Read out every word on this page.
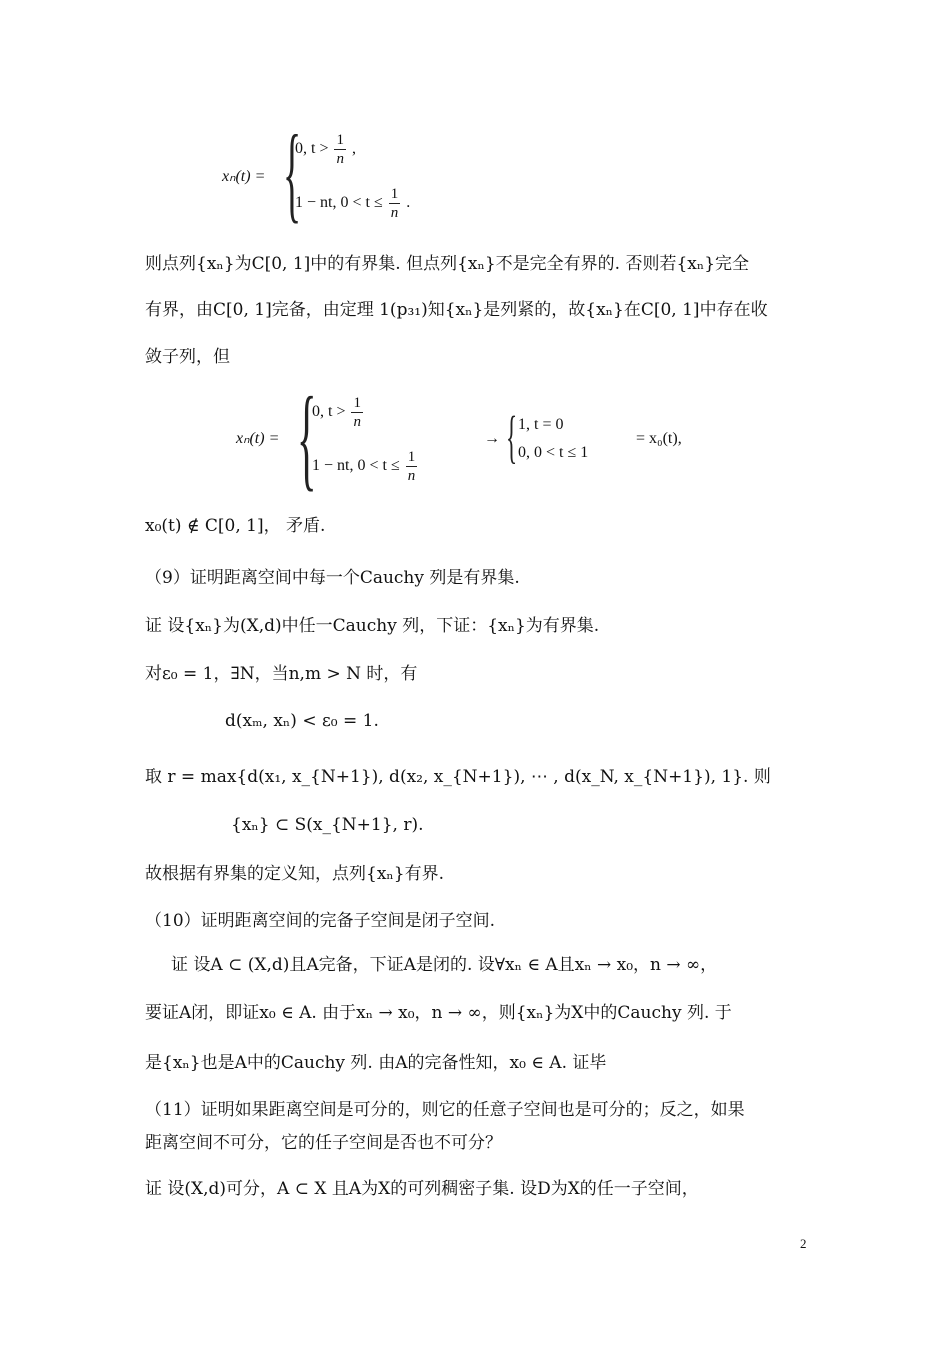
xₙ(t) = {
0, $t > \frac{1}{n}$ ,
1 − nt, $0 < t \le \frac{1}{n}$ .
则点列{xₙ}为C[0, 1]中的有界集. 但点列{xₙ}不是完全有界的. 否则若{xₙ}完全
有界，由C[0, 1]完备，由定理 1(p₃₁)知{xₙ}是列紧的，故{xₙ}在C[0, 1]中存在收
敛子列，但
xₙ(t) = {
0, $t > \frac{1}{n}$
1 − nt, $0 < t \le \frac{1}{n}$
→ { 1, t = 0
0, 0 < t ≤ 1
= x₀(t),
x₀(t) ∉ C[0, 1]， 矛盾.
（9）证明距离空间中每一个Cauchy 列是有界集.
证 设{xₙ}为(X,d)中任一Cauchy 列，下证：{xₙ}为有界集.
对ε₀ = 1，∃N，当n,m > N 时，有
d(xₘ, xₙ) < ε₀ = 1.
取 r = max{d(x₁, x_{N+1}), d(x₂, x_{N+1}), ⋯ , d(x_N, x_{N+1}), 1}. 则
{xₙ} ⊂ S(x_{N+1}, r).
故根据有界集的定义知，点列{xₙ}有界.
（10）证明距离空间的完备子空间是闭子空间.
证 设A ⊂ (X,d)且A完备，下证A是闭的. 设∀xₙ ∈ A且xₙ → x₀，n → ∞，
要证A闭，即证x₀ ∈ A. 由于xₙ → x₀，n → ∞，则{xₙ}为X中的Cauchy 列. 于
是{xₙ}也是A中的Cauchy 列. 由A的完备性知，x₀ ∈ A. 证毕
（11）证明如果距离空间是可分的，则它的任意子空间也是可分的；反之，如果
距离空间不可分，它的任子空间是否也不可分？
证 设(X,d)可分，A ⊂ X 且A为X的可列稠密子集. 设D为X的任一子空间，
2
